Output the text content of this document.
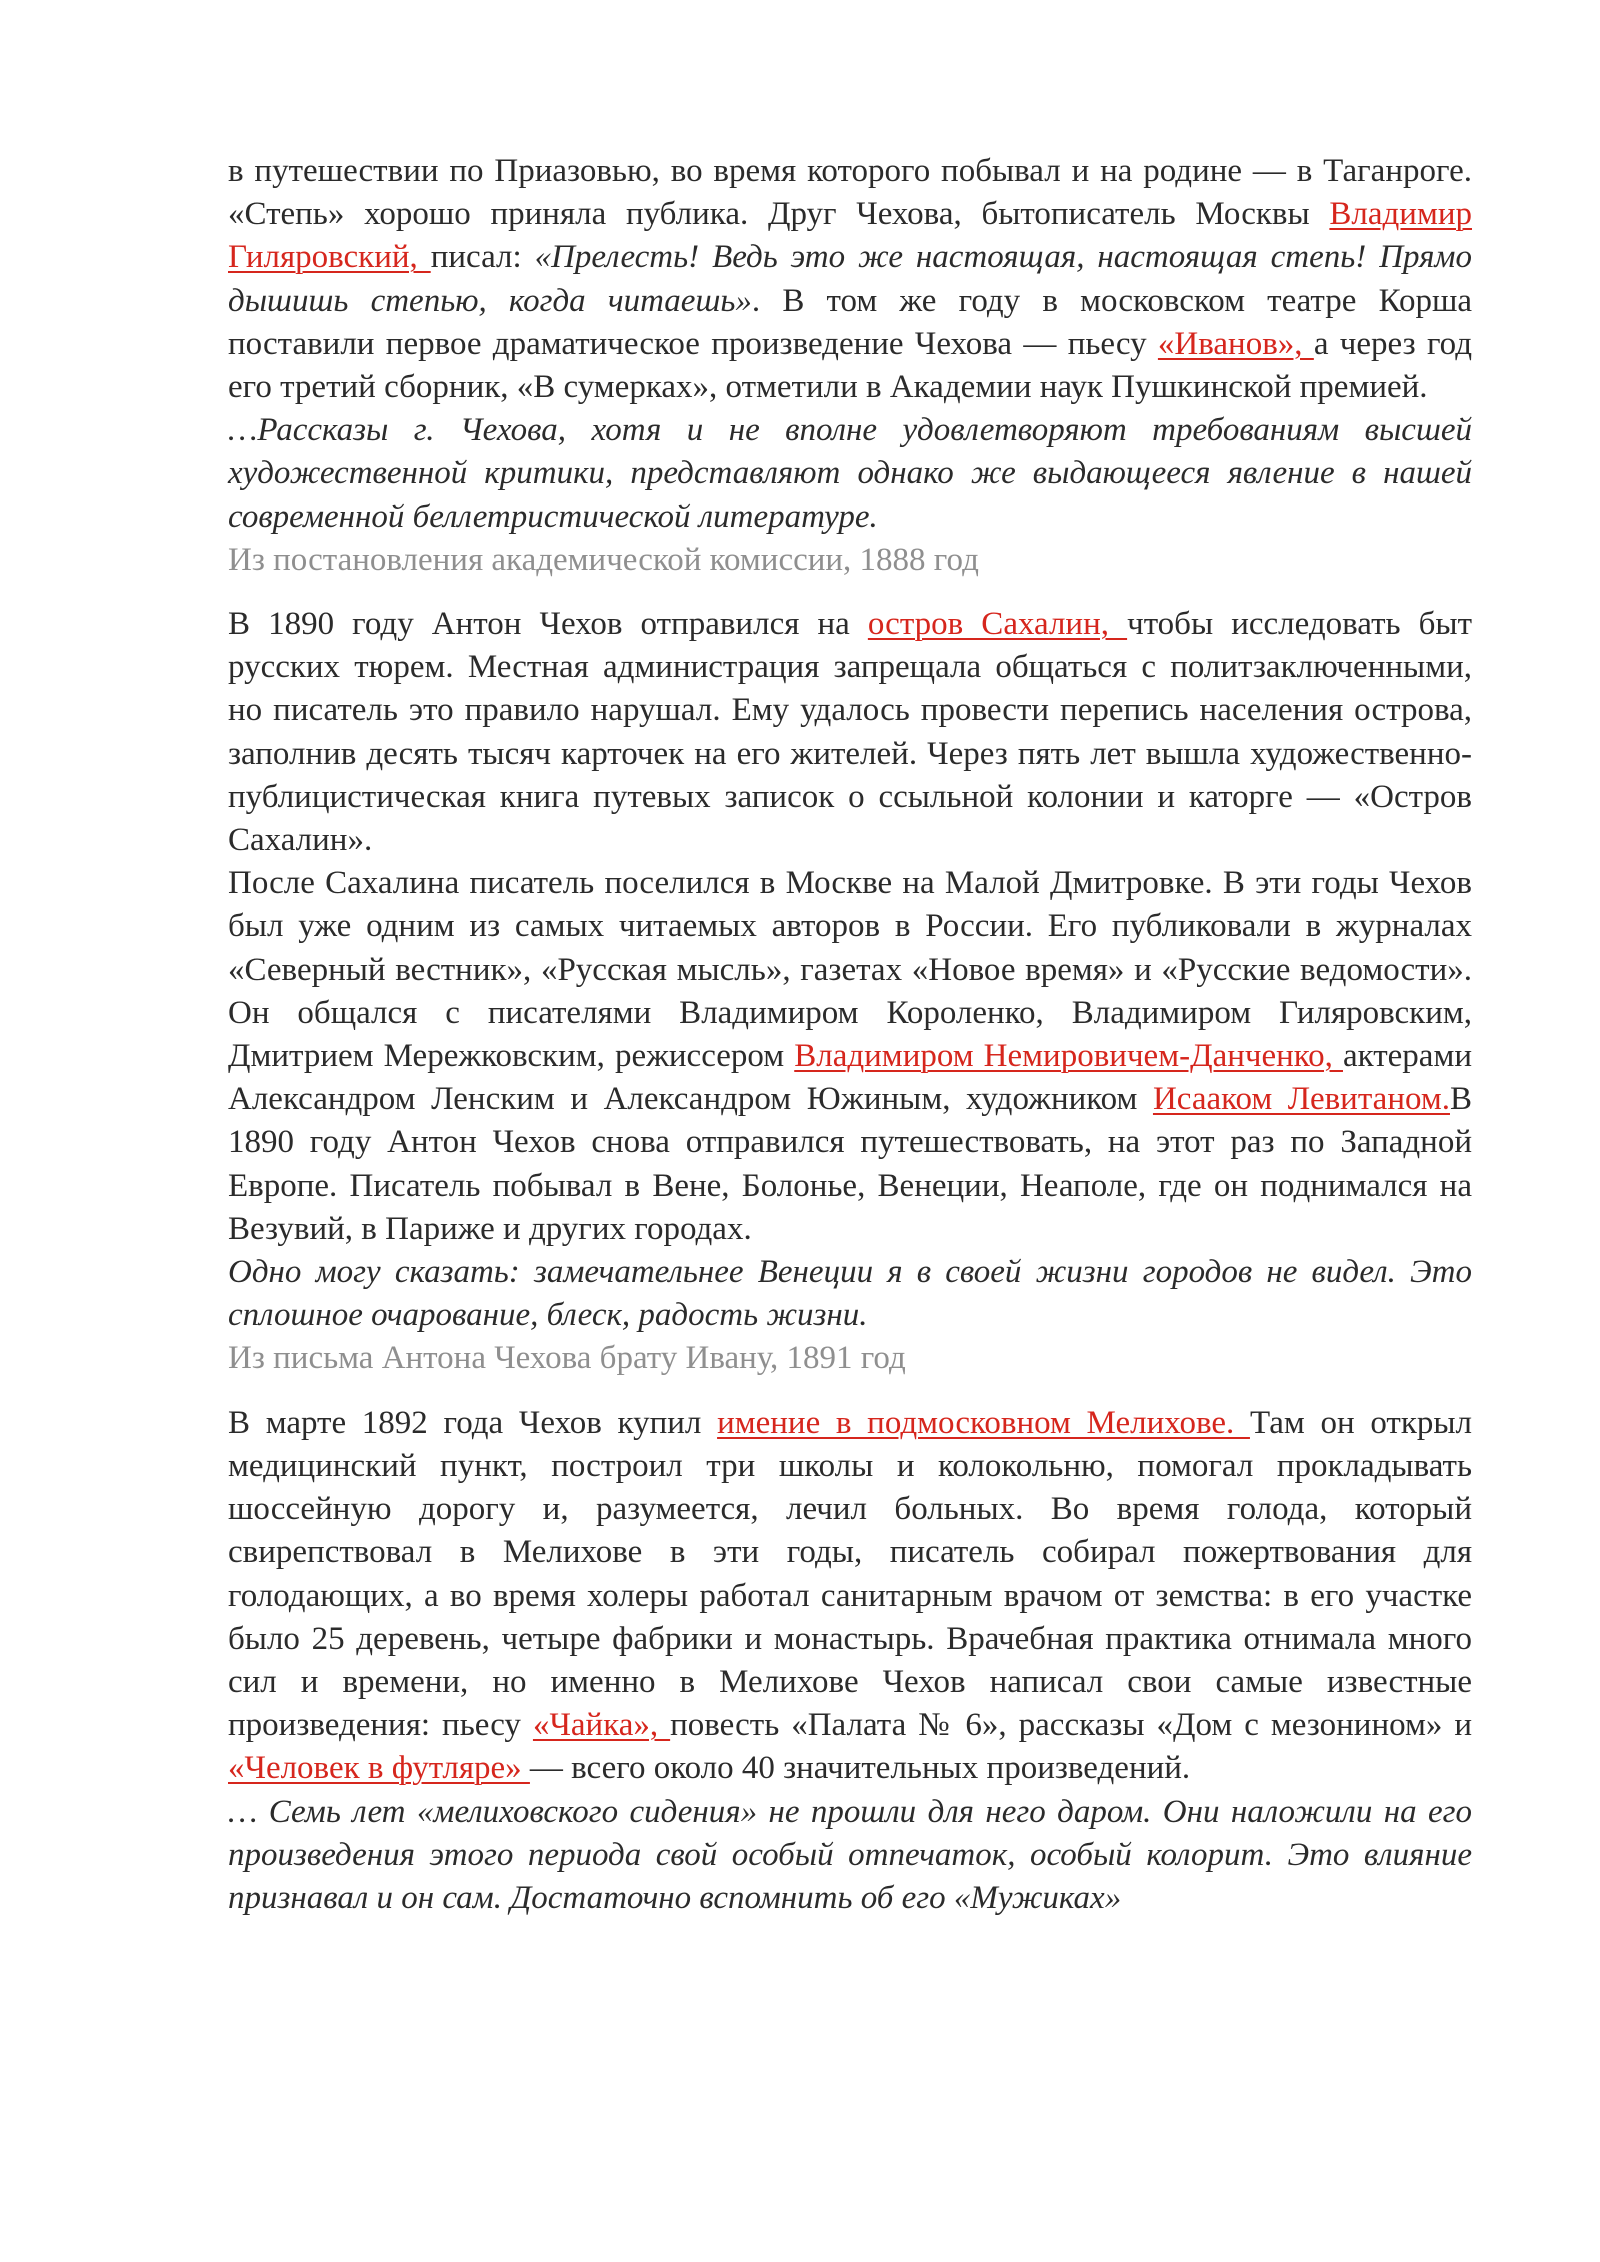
в путешествии по Приазовью, во время которого побывал и на родине — в Таганроге. «Степь» хорошо приняла публика. Друг Чехова, бытописатель Москвы Владимир Гиляровский, писал: «Прелесть! Ведь это же настоящая, настоящая степь! Прямо дышишь степью, когда читаешь». В том же году в московском театре Корша поставили первое драматическое произведение Чехова — пьесу «Иванов», а через год его третий сборник, «В сумерках», отметили в Академии наук Пушкинской премией.

…Рассказы г. Чехова, хотя и не вполне удовлетворяют требованиям высшей художественной критики, представляют однако же выдающееся явление в нашей современной беллетристической литературе.

Из постановления академической комиссии, 1888 год

В 1890 году Антон Чехов отправился на остров Сахалин, чтобы исследовать быт русских тюрем. Местная администрация запрещала общаться с политзаключенными, но писатель это правило нарушал. Ему удалось провести перепись населения острова, заполнив десять тысяч карточек на его жителей. Через пять лет вышла художественно-публицистическая книга путевых записок о ссыльной колонии и каторге — «Остров Сахалин».

После Сахалина писатель поселился в Москве на Малой Дмитровке. В эти годы Чехов был уже одним из самых читаемых авторов в России. Его публиковали в журналах «Северный вестник», «Русская мысль», газетах «Новое время» и «Русские ведомости». Он общался с писателями Владимиром Короленко, Владимиром Гиляровским, Дмитрием Мережковским, режиссером Владимиром Немировичем-Данченко, актерами Александром Ленским и Александром Южиным, художником Исааком Левитаном.В 1890 году Антон Чехов снова отправился путешествовать, на этот раз по Западной Европе. Писатель побывал в Вене, Болонье, Венеции, Неаполе, где он поднимался на Везувий, в Париже и других городах.

Одно могу сказать: замечательнее Венеции я в своей жизни городов не видел. Это сплошное очарование, блеск, радость жизни.

Из письма Антона Чехова брату Ивану, 1891 год

В марте 1892 года Чехов купил имение в подмосковном Мелихове. Там он открыл медицинский пункт, построил три школы и колокольню, помогал прокладывать шоссейную дорогу и, разумеется, лечил больных. Во время голода, который свирепствовал в Мелихове в эти годы, писатель собирал пожертвования для голодающих, а во время холеры работал санитарным врачом от земства: в его участке было 25 деревень, четыре фабрики и монастырь. Врачебная практика отнимала много сил и времени, но именно в Мелихове Чехов написал свои самые известные произведения: пьесу «Чайка», повесть «Палата № 6», рассказы «Дом с мезонином» и «Человек в футляре» — всего около 40 значительных произведений.

… Семь лет «мелиховского сидения» не прошли для него даром. Они наложили на его произведения этого периода свой особый отпечаток, особый колорит. Это влияние признавал и он сам. Достаточно вспомнить об его «Мужиках»
